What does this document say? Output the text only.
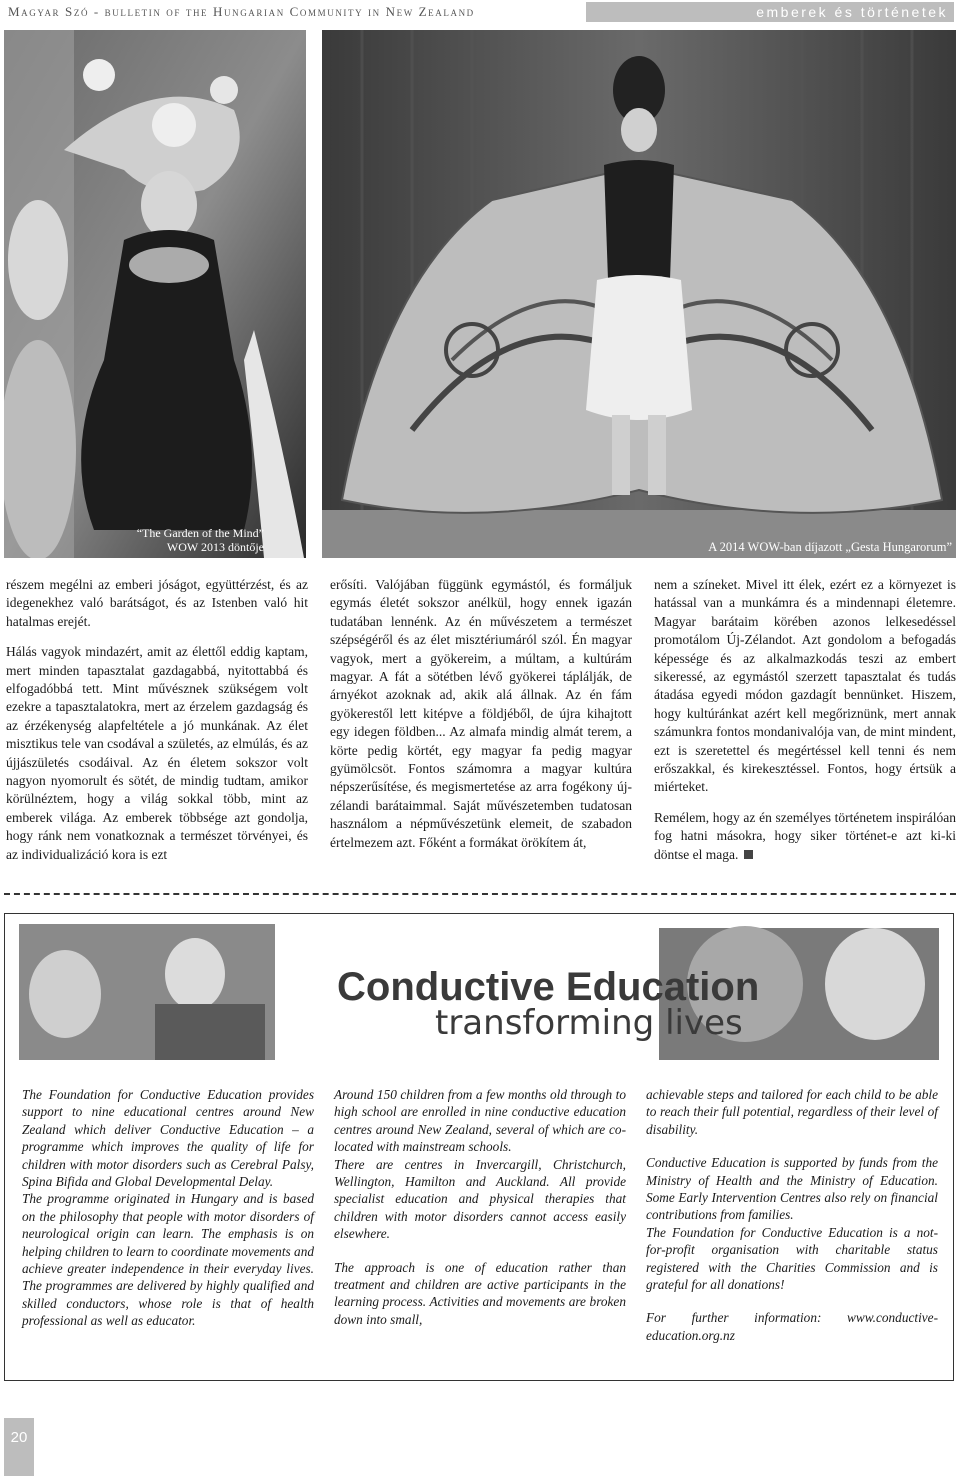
Magyar Szó - bulletin of the Hungarian Community in New Zealand	emberek és történetek
“The Garden of the Mind”
WOW 2013 döntője	A 2014 WOW-ban díjazott „Gesta Hungarorum”

részem megélni az emberi jóságot, együttérzést, és az idegenekhez való barátságot, és az Istenben való hit hatalmas erejét.

Hálás vagyok mindazért, amit az élettől eddig kaptam, mert minden tapasztalat gazdagabbá, nyitottabbá és elfogadóbbá tett. Mint művésznek szükségem volt ezekre a tapasztalatokra, mert az érzelem gazdagság és az érzékenység alapfeltétele a jó munkának. Az élet misztikus tele van csodával a születés, az elmúlás, és az újjászületés csodáival. Az én életem sokszor volt nagyon nyomorult és sötét, de mindig tudtam, amikor körülnéztem, hogy a világ sokkal több, mint az emberek világa. Az emberek többsége azt gondolja, hogy ránk nem vonatkoznak a természet törvényei, és az individualizáció kora is ezt

erősíti. Valójában függünk egymástól, és formáljuk egymás életét sokszor anélkül, hogy ennek igazán tudatában lennénk. Az én művészetem a természet szépségéről és az élet misztériumáról szól. Én magyar vagyok, mert a gyökereim, a múltam, a kultúrám magyar. A fát a sötétben lévő gyökerei táplálják, de árnyékot azoknak ad, akik alá állnak. Az én fám gyökerestől lett kitépve a földjéből, de újra kihajtott egy idegen földben... Az almafa mindig almát terem, a körte pedig körtét, egy magyar fa pedig magyar gyümölcsöt. Fontos számomra a magyar kultúra népszerűsítése, és megismertetése az arra fogékony új-zélandi barátaimmal. Saját művészetemben tudatosan használom a népművészetünk elemeit, de szabadon értelmezem azt. Főként a formákat örökítem át,

nem a színeket. Mivel itt élek, ezért ez a környezet is hatással van a munkámra és a mindennapi életemre. Magyar barátaim körében azonos lelkesedéssel promotálom Új-Zélandot. Azt gondolom a befogadás képessége és az alkalmazkodás teszi az embert sikeressé, az egymástól szerzett tapasztalat és tudás átadása egyedi módon gazdagít bennünket. Hiszem, hogy kultúránkat azért kell megőriznünk, mert annak számunkra fontos mondanivalója van, de mint mindent, ezt is szeretettel és megértéssel kell tenni és nem erőszakkal, és kirekesztéssel. Fontos, hogy értsük a miérteket.

Remélem, hogy az én személyes történetem inspirálóan fog hatni másokra, hogy siker történet-e azt ki-ki döntse el maga.

Conductive Education
transforming lives

The Foundation for Conductive Education provides support to nine educational centres around New Zealand which deliver Conductive Education – a programme which improves the quality of life for children with motor disorders such as Cerebral Palsy, Spina Bifida and Global Developmental Delay.

The programme originated in Hungary and is based on the philosophy that people with motor disorders of neurological origin can learn. The emphasis is on helping children to learn to coordinate movements and achieve greater independence in their everyday lives. The programmes are delivered by highly qualified and skilled conductors, whose role is that of health professional as well as educator.

Around 150 children from a few months old through to high school are enrolled in nine conductive education centres around New Zealand, several of which are co-located with mainstream schools.

There are centres in Invercargill, Christchurch, Wellington, Hamilton and Auckland. All provide specialist education and physical therapies that children with motor disorders cannot access easily elsewhere.

The approach is one of education rather than treatment and children are active participants in the learning process. Activities and movements are broken down into small,

achievable steps and tailored for each child to be able to reach their full potential, regardless of their level of disability.

Conductive Education is supported by funds from the Ministry of Health and the Ministry of Education. Some Early Intervention Centres also rely on financial contributions from families.

The Foundation for Conductive Education is a not-for-profit organisation with charitable status registered with the Charities Commission and is grateful for all donations!

For further information: www.conductive-education.org.nz

20
